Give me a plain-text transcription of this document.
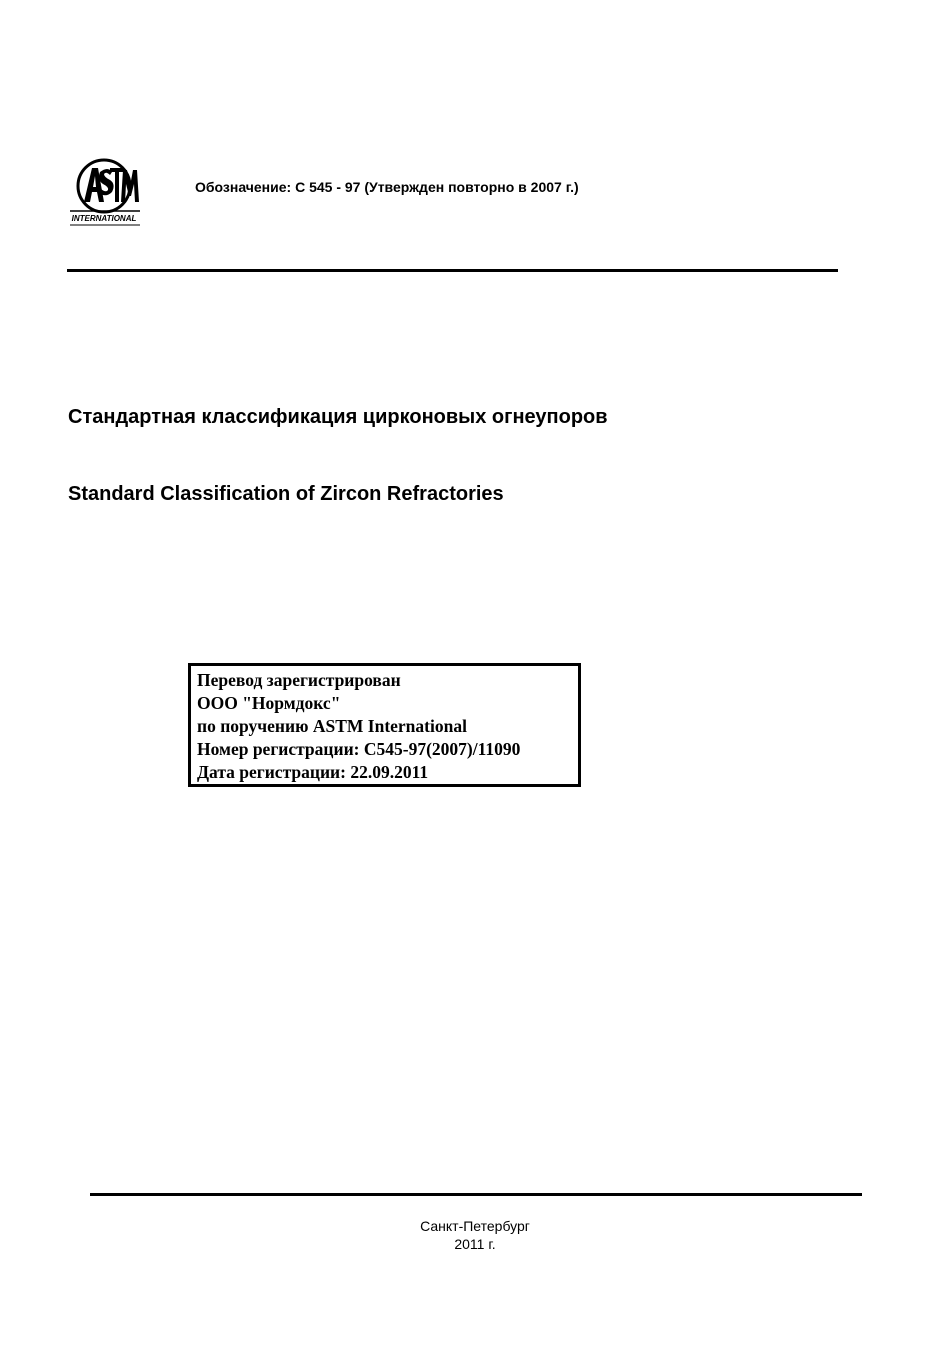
INTERNATIONAL
Обозначение: C 545 - 97 (Утвержден повторно в 2007 г.)
Стандартная классификация цирконовых огнеупоров
Standard Classification of Zircon Refractories
Перевод зарегистрирован
ООО "Нормдокс"
по поручению ASTM International
Номер регистрации: C545-97(2007)/11090
Дата регистрации: 22.09.2011
Санкт-Петербург
2011 г.
